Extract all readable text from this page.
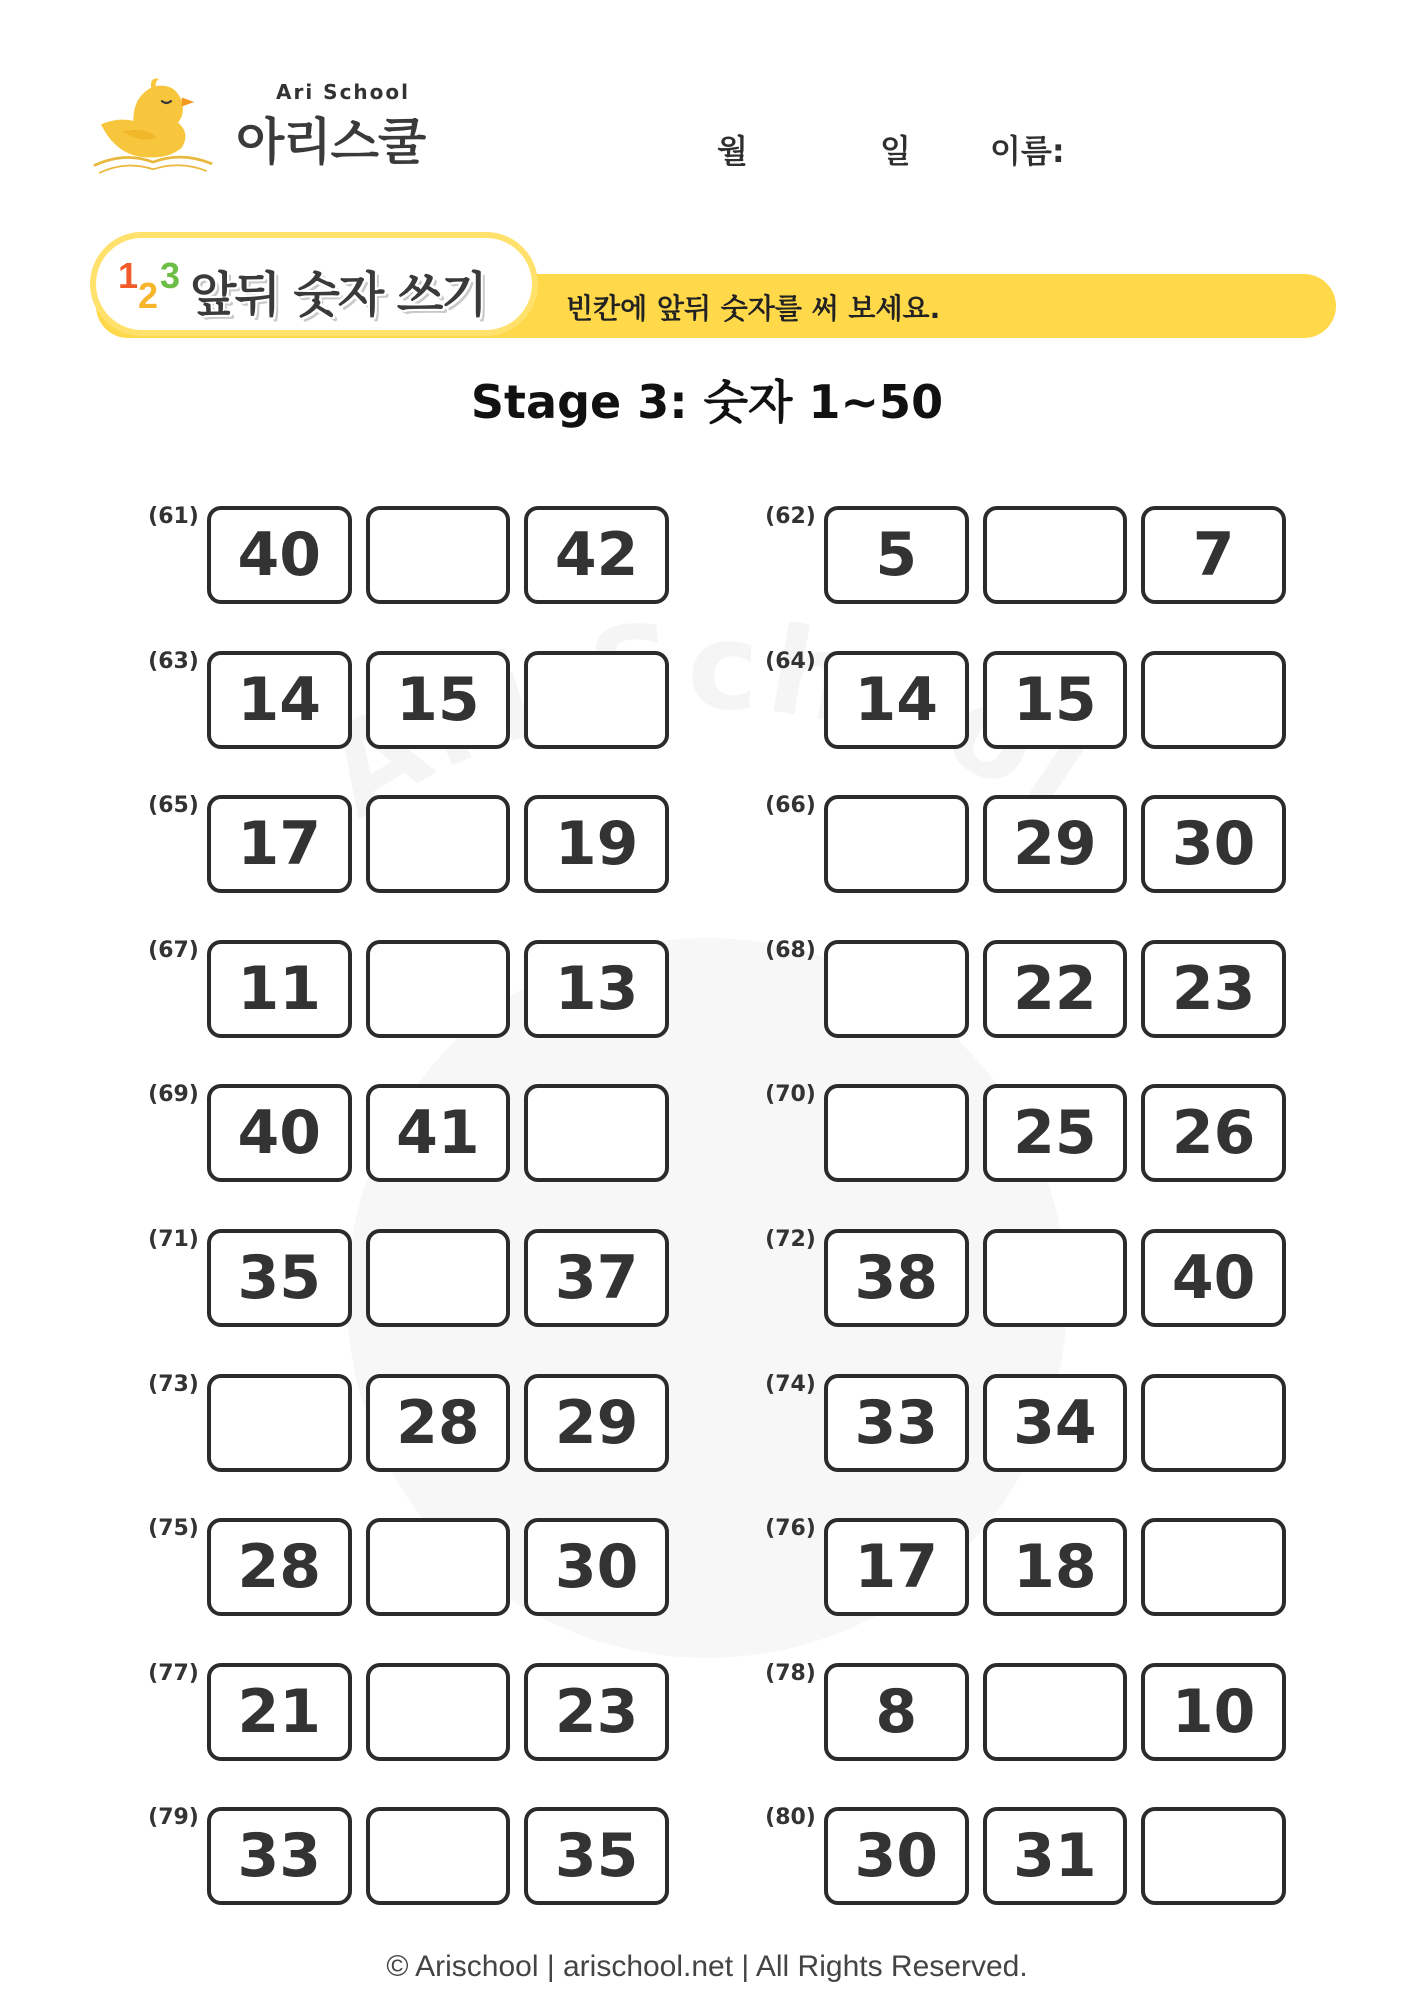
Ari School
아리스쿨	월	일 이름:
1 2 3 앞뒤 숫자 쓰기	빈칸에 앞뒤 숫자를 써 보세요.
Stage 3: 숫자 1~50
(61)
40	42
(62)
5	7
(63)
14 15
(64)
14 15
(65)
17	19
(66)
29 30
(67)
11	13
(68)
22 23
(69)
40 41
(70)
25 26
(71)
35	37
(72)
38	40
(73)
28 29
(74)
33 34
(75)
28	30
(76)
17 18
(77)
21	23
(78)
8	10
(79)
33	35
(80)
30 31
© Arischool | arischool.net | All Rights Reserved.
